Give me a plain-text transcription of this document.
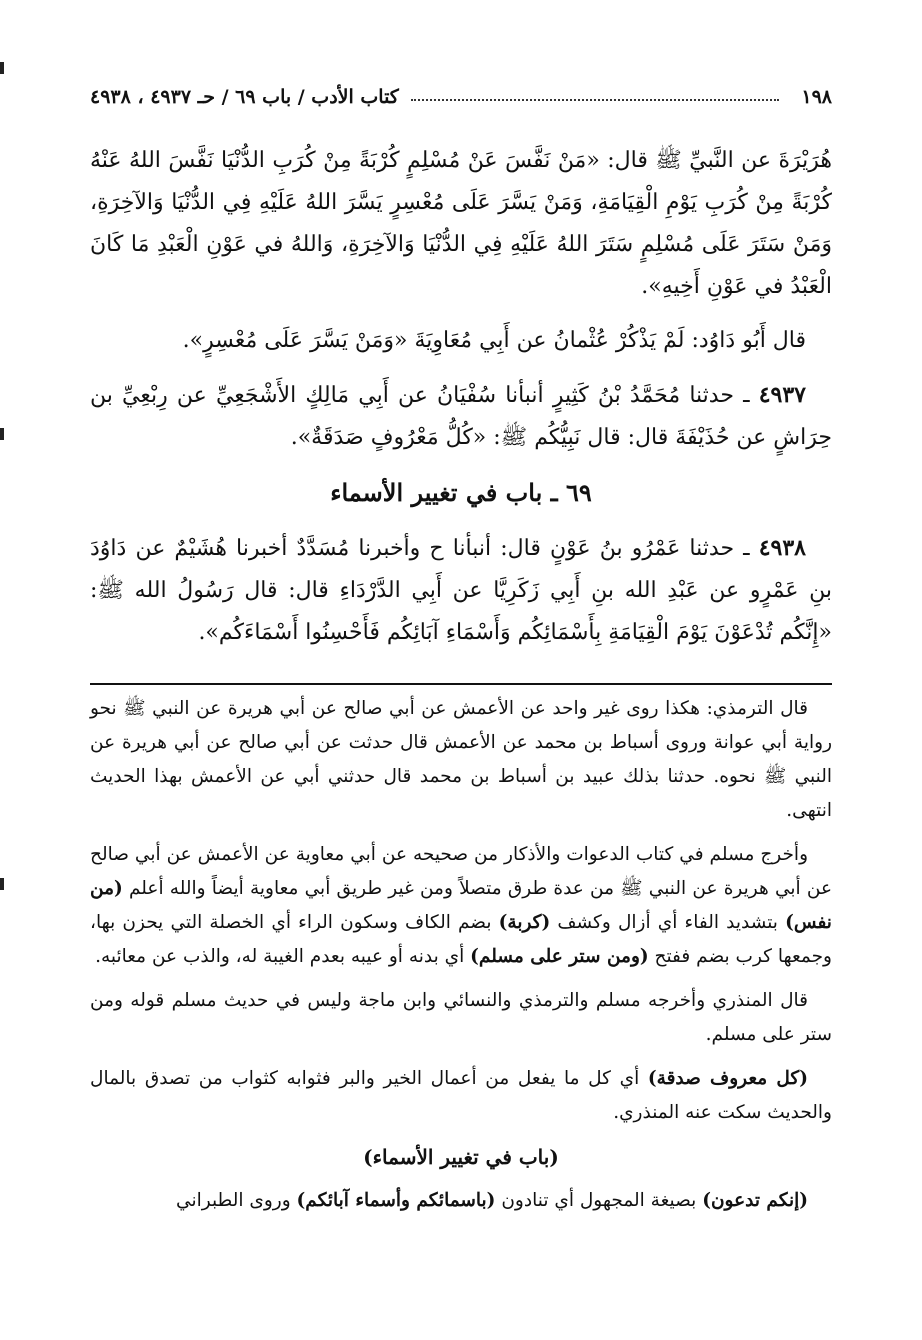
١٩٨
كتاب الأدب / باب ٦٩ / حـ ٤٩٣٧ ، ٤٩٣٨

هُرَيْرَةَ عن النَّبيِّ ﷺ قال: «مَنْ نَفَّسَ عَنْ مُسْلِمٍ كُرْبَةً مِنْ كُرَبِ الدُّنْيَا نَفَّسَ اللهُ عَنْهُ كُرْبَةً مِنْ كُرَبِ يَوْمِ الْقِيَامَةِ، وَمَنْ يَسَّرَ عَلَى مُعْسِرٍ يَسَّرَ اللهُ عَلَيْهِ فِي الدُّنْيَا وَالآخِرَةِ، وَمَنْ سَتَرَ عَلَى مُسْلِمٍ سَتَرَ اللهُ عَلَيْهِ فِي الدُّنْيَا وَالآخِرَةِ، وَاللهُ في عَوْنِ الْعَبْدِ مَا كَانَ الْعَبْدُ في عَوْنِ أَخِيهِ».

قال أَبُو دَاوُد: لَمْ يَذْكُرْ عُثْمانُ عن أَبِي مُعَاوِيَةَ «وَمَنْ يَسَّرَ عَلَى مُعْسِرٍ».

٤٩٣٧ ـ حدثنا مُحَمَّدُ بْنُ كَثِيرٍ أنبأنا سُفْيَانُ عن أَبِي مَالِكٍ الأَشْجَعِيِّ عن رِبْعِيِّ بن حِرَاشٍ عن حُذَيْفَةَ قال: قال نَبِيُّكُم ﷺ: «كُلُّ مَعْرُوفٍ صَدَقَةٌ».

٦٩ ـ باب في تغيير الأسماء

٤٩٣٨ ـ حدثنا عَمْرُو بنُ عَوْنٍ قال: أنبأنا ح وأخبرنا مُسَدَّدٌ أخبرنا هُشَيْمٌ عن دَاوُدَ بنِ عَمْرٍو عن عَبْدِ الله بنِ أَبِي زَكَرِيَّا عن أَبِي الدَّرْدَاءِ قال: قال رَسُولُ الله ﷺ: «إِنَّكُم تُدْعَوْنَ يَوْمَ الْقِيَامَةِ بِأَسْمَائِكُم وَأَسْمَاءِ آبَائِكُم فَأَحْسِنُوا أَسْمَاءَكُم».

قال الترمذي: هكذا روى غير واحد عن الأعمش عن أبي صالح عن أبي هريرة عن النبي ﷺ نحو رواية أبي عوانة وروى أسباط بن محمد عن الأعمش قال حدثت عن أبي صالح عن أبي هريرة عن النبي ﷺ نحوه. حدثنا بذلك عبيد بن أسباط بن محمد قال حدثني أبي عن الأعمش بهذا الحديث انتهى.

وأخرج مسلم في كتاب الدعوات والأذكار من صحيحه عن أبي معاوية عن الأعمش عن أبي صالح عن أبي هريرة عن النبي ﷺ من عدة طرق متصلاً ومن غير طريق أبي معاوية أيضاً والله أعلم (من نفس) بتشديد الفاء أي أزال وكشف (كربة) بضم الكاف وسكون الراء أي الخصلة التي يحزن بها، وجمعها كرب بضم ففتح (ومن ستر على مسلم) أي بدنه أو عيبه بعدم الغيبة له، والذب عن معائبه.

قال المنذري وأخرجه مسلم والترمذي والنسائي وابن ماجة وليس في حديث مسلم قوله ومن ستر على مسلم.

(كل معروف صدقة) أي كل ما يفعل من أعمال الخير والبر فثوابه كثواب من تصدق بالمال والحديث سكت عنه المنذري.

(باب في تغيير الأسماء)

(إنكم تدعون) بصيغة المجهول أي تنادون (باسمائكم وأسماء آبائكم) وروى الطبراني
